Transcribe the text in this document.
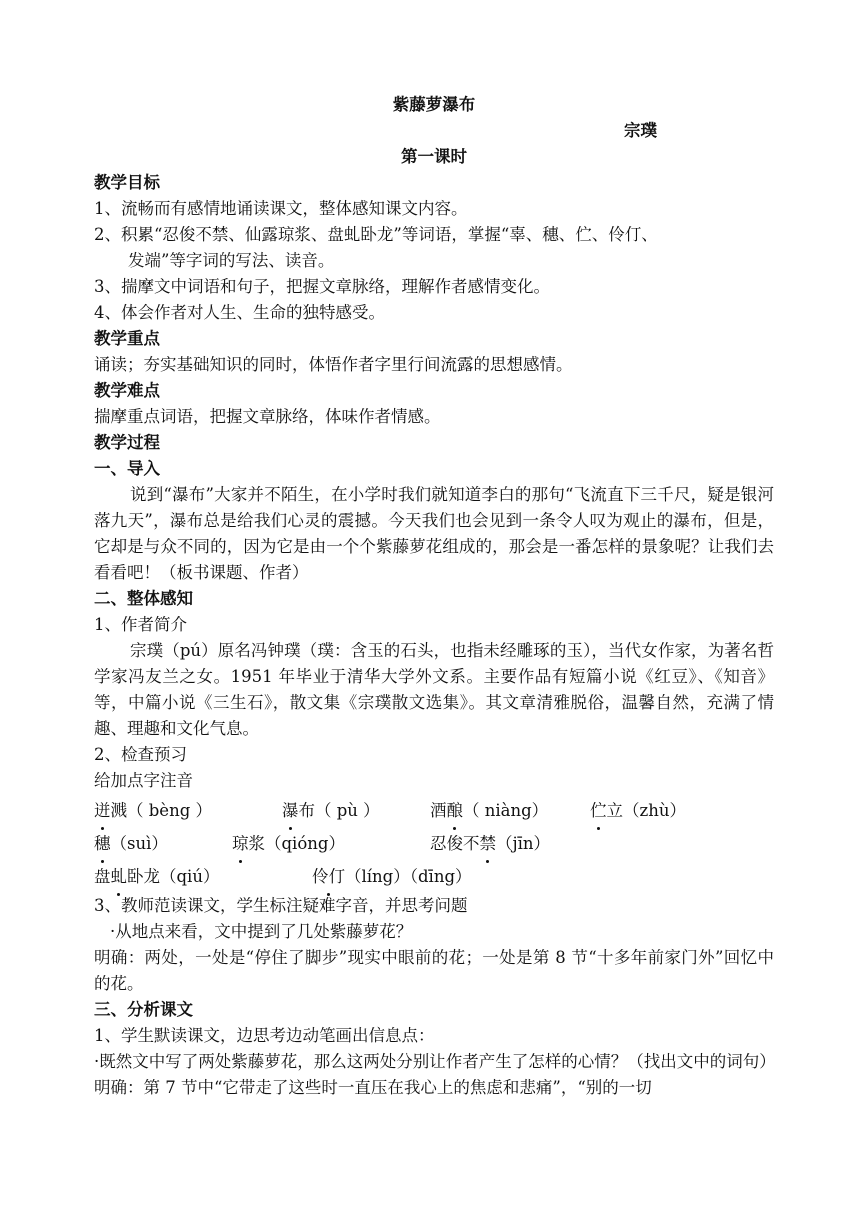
紫藤萝瀑布
宗璞
第一课时
教学目标
1、流畅而有感情地诵读课文，整体感知课文内容。
2、积累“忍俊不禁、仙露琼浆、盘虬卧龙”等词语，掌握“辜、穗、伫、伶仃、
发端”等字词的写法、读音。
3、揣摩文中词语和句子，把握文章脉络，理解作者感情变化。
4、体会作者对人生、生命的独特感受。
教学重点
诵读；夯实基础知识的同时，体悟作者字里行间流露的思想感情。
教学难点
揣摩重点词语，把握文章脉络，体味作者情感。
教学过程
一、导入
说到“瀑布”大家并不陌生，在小学时我们就知道李白的那句“飞流直下三千尺，疑是银河落九天”，瀑布总是给我们心灵的震撼。今天我们也会见到一条令人叹为观止的瀑布，但是，它却是与众不同的，因为它是由一个个紫藤萝花组成的，那会是一番怎样的景象呢？让我们去看看吧！（板书课题、作者）
二、整体感知
1、作者简介
宗璞（pú）原名冯钟璞（璞：含玉的石头，也指未经雕琢的玉），当代女作家，为著名哲学家冯友兰之女。1951 年毕业于清华大学外文系。主要作品有短篇小说《红豆》、《知音》等，中篇小说《三生石》，散文集《宗璞散文选集》。其文章清雅脱俗，温馨自然，充满了情趣、理趣和文化气息。
2、检查预习
给加点字注音
迸溅（ bèng ）	瀑布（ pù ）	酒酿（ niàng）	伫立（zhù）
穗（suì）	琼浆（qióng）	忍俊不禁（jīn）
盘虬卧龙（qiú）	伶仃（líng）（dīng）
3、教师范读课文，学生标注疑难字音，并思考问题
·从地点来看，文中提到了几处紫藤萝花？
明确：两处，一处是“停住了脚步”现实中眼前的花；一处是第 8 节“十多年前家门外”回忆中的花。
三、分析课文
1、学生默读课文，边思考边动笔画出信息点：
·既然文中写了两处紫藤萝花，那么这两处分别让作者产生了怎样的心情？（找出文中的词句）
明确：第 7 节中“它带走了这些时一直压在我心上的焦虑和悲痛”，“别的一切
